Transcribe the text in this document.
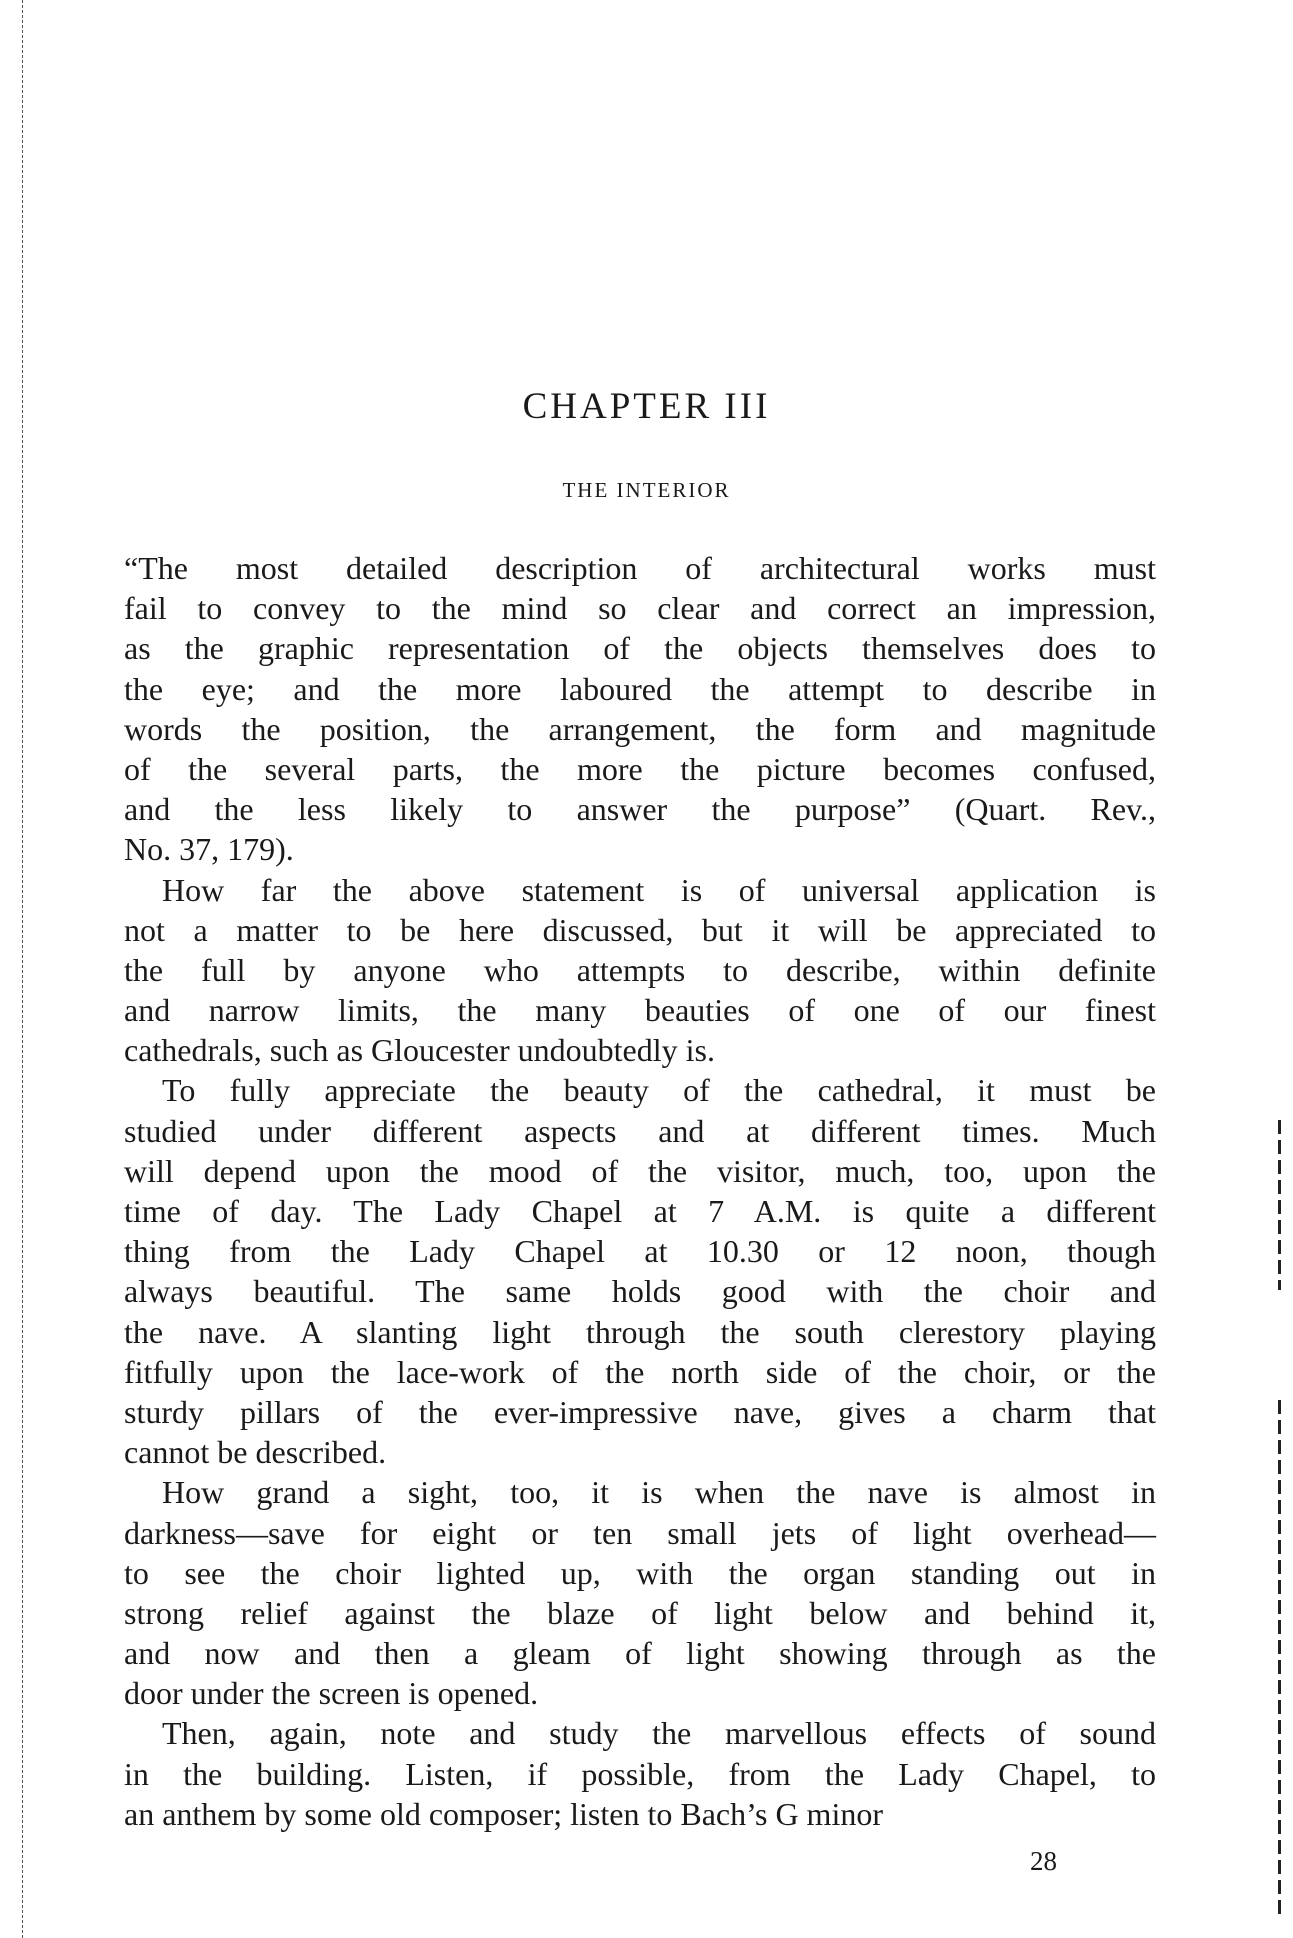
CHAPTER III
THE INTERIOR
“The most detailed description of architectural works must
fail to convey to the mind so clear and correct an impression,
as the graphic representation of the objects themselves does to
the eye; and the more laboured the attempt to describe in
words the position, the arrangement, the form and magnitude
of the several parts, the more the picture becomes confused,
and the less likely to answer the purpose” (Quart. Rev.,
No. 37, 179).
How far the above statement is of universal application is
not a matter to be here discussed, but it will be appreciated to
the full by anyone who attempts to describe, within definite
and narrow limits, the many beauties of one of our finest
cathedrals, such as Gloucester undoubtedly is.
To fully appreciate the beauty of the cathedral, it must be
studied under different aspects and at different times. Much
will depend upon the mood of the visitor, much, too, upon the
time of day. The Lady Chapel at 7 A.M. is quite a different
thing from the Lady Chapel at 10.30 or 12 noon, though
always beautiful. The same holds good with the choir and
the nave. A slanting light through the south clerestory playing
fitfully upon the lace-work of the north side of the choir, or the
sturdy pillars of the ever-impressive nave, gives a charm that
cannot be described.
How grand a sight, too, it is when the nave is almost in
darkness—save for eight or ten small jets of light overhead—
to see the choir lighted up, with the organ standing out in
strong relief against the blaze of light below and behind it,
and now and then a gleam of light showing through as the
door under the screen is opened.
Then, again, note and study the marvellous effects of sound
in the building. Listen, if possible, from the Lady Chapel, to
an anthem by some old composer; listen to Bach’s G minor
28
